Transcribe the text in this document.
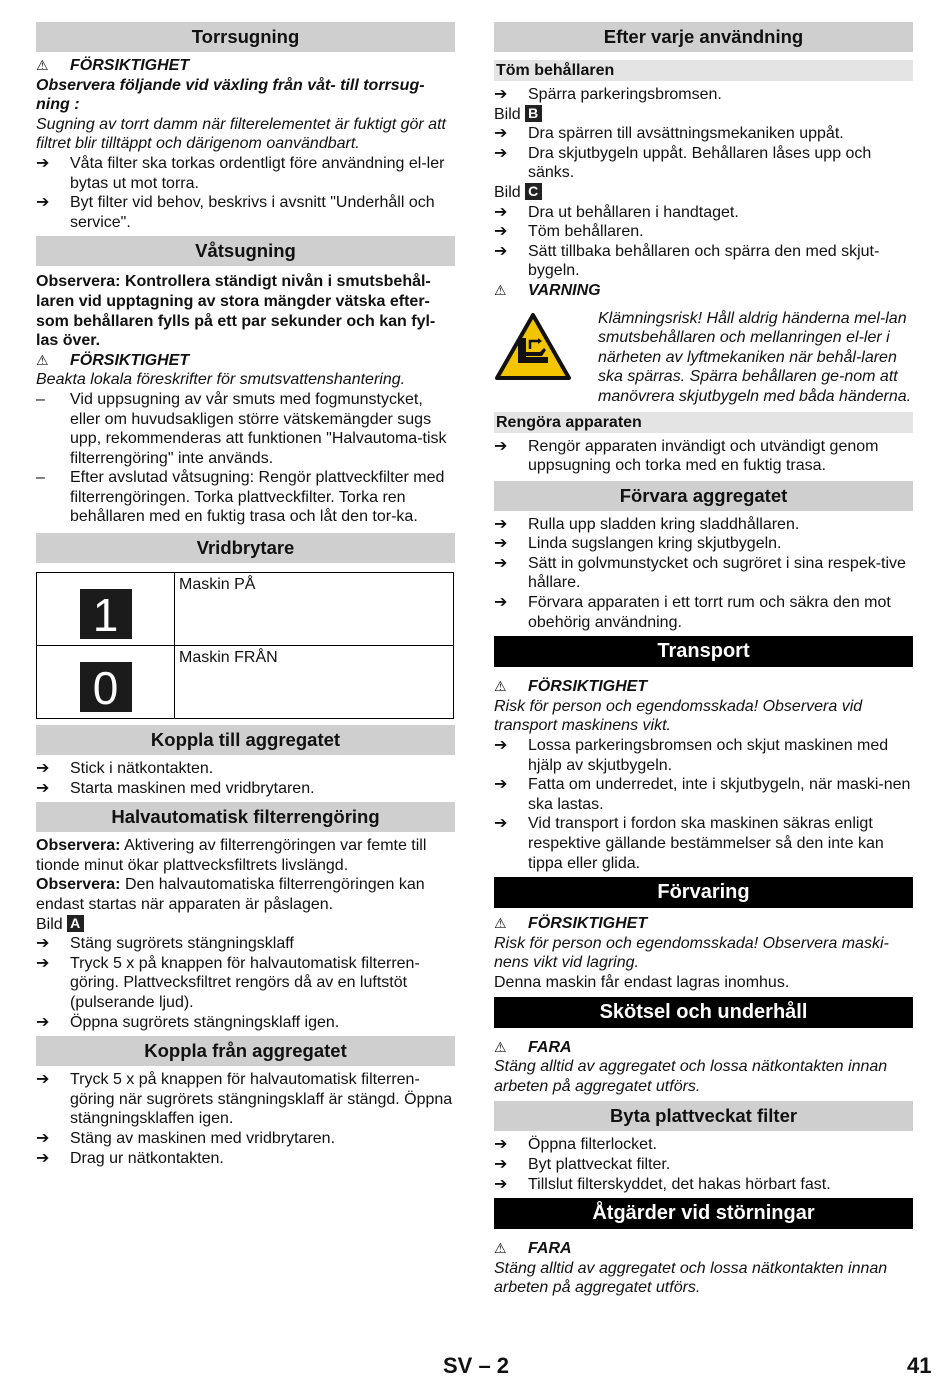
Torrsugning
⚠	FÖRSIKTIGHET

Observera följande vid växling från våt- till torrsug-ning :

Sugning av torrt damm när filterelementet är fuktigt gör att filtret blir tilltäppt och därigenom oanvändbart.

➔	Våta filter ska torkas ordentligt före användning el-ler bytas ut mot torra.
➔	Byt filter vid behov, beskrivs i avsnitt "Underhåll och service".
Våtsugning

Observera: Kontrollera ständigt nivån i smutsbehål-laren vid upptagning av stora mängder vätska efter-som behållaren fylls på ett par sekunder och kan fyl-las över.

⚠	FÖRSIKTIGHET

Beakta lokala föreskrifter för smutsvattenshantering.

–	Vid uppsugning av vår smuts med fogmunstycket, eller om huvudsakligen större vätskemängder sugs upp, rekommenderas att funktionen "Halvautoma-tisk filterrengöring" inte används.
–	Efter avslutad våtsugning: Rengör plattveckfilter med filterrengöringen. Torka plattveckfilter. Torka ren behållaren med en fuktig trasa och låt den tor-ka.
Vridbrytare
1	Maskin PÅ
0	Maskin FRÅN
Koppla till aggregatet
➔	Stick i nätkontakten.
➔	Starta maskinen med vridbrytaren.
Halvautomatisk filterrengöring

Observera: Aktivering av filterrengöringen var femte till tionde minut ökar plattvecksfiltrets livslängd.

Observera: Den halvautomatiska filterrengöringen kan endast startas när apparaten är påslagen.

Bild A

➔	Stäng sugrörets stängningsklaff
➔	Tryck 5 x på knappen för halvautomatisk filterren-göring. Plattvecksfiltret rengörs då av en luftstöt (pulserande ljud).
➔	Öppna sugrörets stängningsklaff igen.
Koppla från aggregatet
➔	Tryck 5 x på knappen för halvautomatisk filterren-göring när sugrörets stängningsklaff är stängd. Öppna stängningsklaffen igen.
➔	Stäng av maskinen med vridbrytaren.
➔	Drag ur nätkontakten.
Efter varje användning
Töm behållaren
➔	Spärra parkeringsbromsen.

Bild B

➔	Dra spärren till avsättningsmekaniken uppåt.
➔	Dra skjutbygeln uppåt. Behållaren låses upp och sänks.

Bild C

➔	Dra ut behållaren i handtaget.
➔	Töm behållaren.
➔	Sätt tillbaka behållaren och spärra den med skjut-bygeln.
⚠	VARNING

Klämningsrisk! Håll aldrig händerna mel-lan smutsbehållaren och mellanringen el-ler i närheten av lyftmekaniken när behål-laren ska spärras. Spärra behållaren ge-nom att manövrera skjutbygeln med båda händerna.

Rengöra apparaten
➔	Rengör apparaten invändigt och utvändigt genom uppsugning och torka med en fuktig trasa.
Förvara aggregatet
➔	Rulla upp sladden kring sladdhållaren.
➔	Linda sugslangen kring skjutbygeln.
➔	Sätt in golvmunstycket och sugröret i sina respek-tive hållare.
➔	Förvara apparaten i ett torrt rum och säkra den mot obehörig användning.
Transport
⚠	FÖRSIKTIGHET

Risk för person och egendomsskada! Observera vid transport maskinens vikt.

➔	Lossa parkeringsbromsen och skjut maskinen med hjälp av skjutbygeln.
➔	Fatta om underredet, inte i skjutbygeln, när maski-nen ska lastas.
➔	Vid transport i fordon ska maskinen säkras enligt respektive gällande bestämmelser så den inte kan tippa eller glida.
Förvaring
⚠	FÖRSIKTIGHET

Risk för person och egendomsskada! Observera maski-nens vikt vid lagring.

Denna maskin får endast lagras inomhus.

Skötsel och underhåll
⚠	FARA

Stäng alltid av aggregatet och lossa nätkontakten innan arbeten på aggregatet utförs.

Byta plattveckat filter
➔	Öppna filterlocket.
➔	Byt plattveckat filter.
➔	Tillslut filterskyddet, det hakas hörbart fast.
Åtgärder vid störningar
⚠	FARA

Stäng alltid av aggregatet och lossa nätkontakten innan arbeten på aggregatet utförs.

SV – 2	41
